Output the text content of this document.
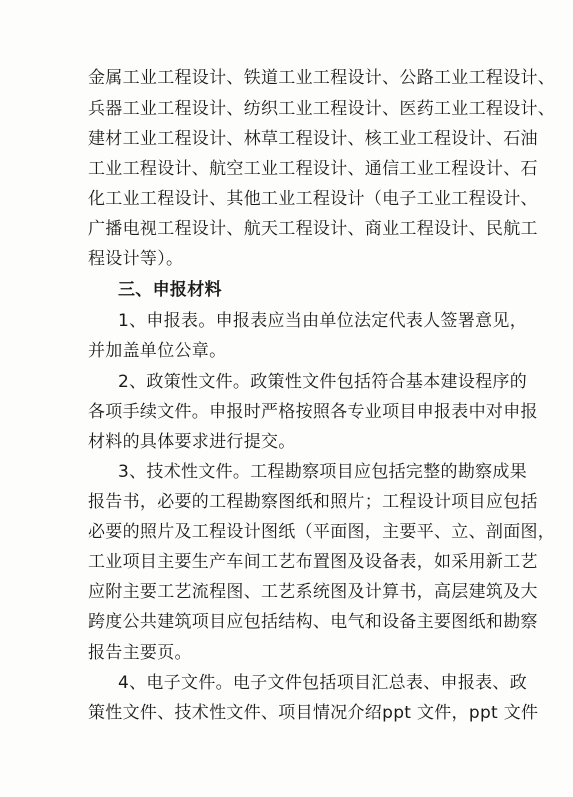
金属工业工程设计、铁道工业工程设计、公路工业工程设计、
兵器工业工程设计、纺织工业工程设计、医药工业工程设计、
建材工业工程设计、林草工程设计、核工业工程设计、石油
工业工程设计、航空工业工程设计、通信工业工程设计、石
化工业工程设计、其他工业工程设计（电子工业工程设计、
广播电视工程设计、航天工程设计、商业工程设计、民航工
程设计等）。
三、申报材料
1、申报表。申报表应当由单位法定代表人签署意见，
并加盖单位公章。
2、政策性文件。政策性文件包括符合基本建设程序的
各项手续文件。申报时严格按照各专业项目申报表中对申报
材料的具体要求进行提交。
3、技术性文件。工程勘察项目应包括完整的勘察成果
报告书，必要的工程勘察图纸和照片；工程设计项目应包括
必要的照片及工程设计图纸（平面图，主要平、立、剖面图，
工业项目主要生产车间工艺布置图及设备表，如采用新工艺
应附主要工艺流程图、工艺系统图及计算书，高层建筑及大
跨度公共建筑项目应包括结构、电气和设备主要图纸和勘察
报告主要页。
4、电子文件。电子文件包括项目汇总表、申报表、政
策性文件、技术性文件、项目情况介绍ppt 文件，ppt 文件
